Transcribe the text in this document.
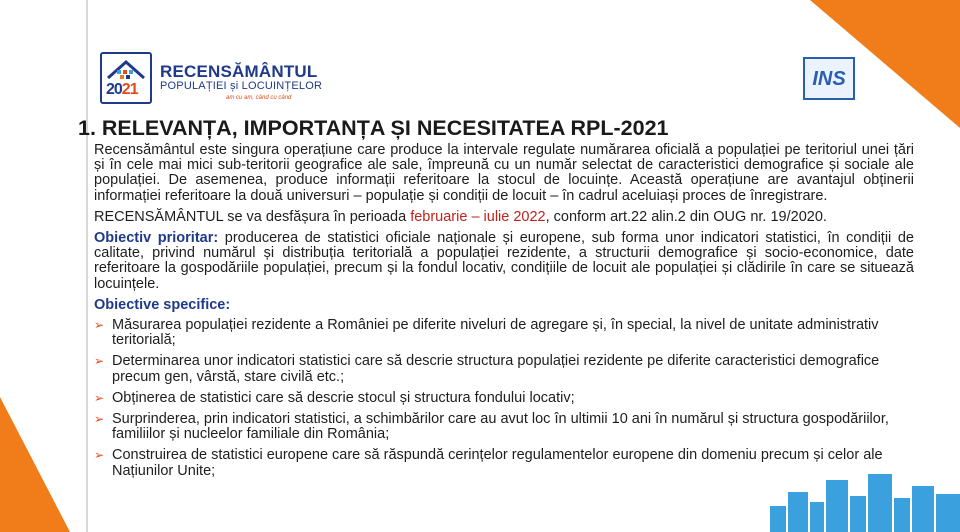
2021
RECENSĂMÂNTUL
POPULAȚIEI și LOCUINȚELOR
am cu am, când cu când
INS
1. RELEVANȚA, IMPORTANȚA ȘI NECESITATEA RPL-2021

Recensământul este singura operațiune care produce la intervale regulate numărarea oficială a populației pe teritoriul unei țări și în cele mai mici sub-teritorii geografice ale sale, împreună cu un număr selectat de caracteristici demografice și sociale ale populației. De asemenea, produce informații referitoare la stocul de locuințe. Această operațiune are avantajul obținerii informației referitoare la două universuri – populație și condiții de locuit – în cadrul aceluiași proces de înregistrare.

RECENSĂMÂNTUL se va desfășura în perioada februarie – iulie 2022, conform art.22 alin.2 din OUG nr. 19/2020.

Obiectiv prioritar: producerea de statistici oficiale naționale și europene, sub forma unor indicatori statistici, în condiții de calitate, privind numărul și distribuția teritorială a populației rezidente, a structurii demografice și socio-economice, date referitoare la gospodăriile populației, precum și la fondul locativ, condițiile de locuit ale populației și clădirile în care se situează locuințele.

Obiective specifice:
➢ Măsurarea populației rezidente a României pe diferite niveluri de agregare și, în special, la nivel de unitate administrativ teritorială;
➢ Determinarea unor indicatori statistici care să descrie structura populației rezidente pe diferite caracteristici demografice precum gen, vârstă, stare civilă etc.;
➢ Obținerea de statistici care să descrie stocul și structura fondului locativ;
➢ Surprinderea, prin indicatori statistici, a schimbărilor care au avut loc în ultimii 10 ani în numărul și structura gospodăriilor, familiilor și nucleelor familiale din România;
➢ Construirea de statistici europene care să răspundă cerințelor regulamentelor europene din domeniu precum și celor ale Națiunilor Unite;
